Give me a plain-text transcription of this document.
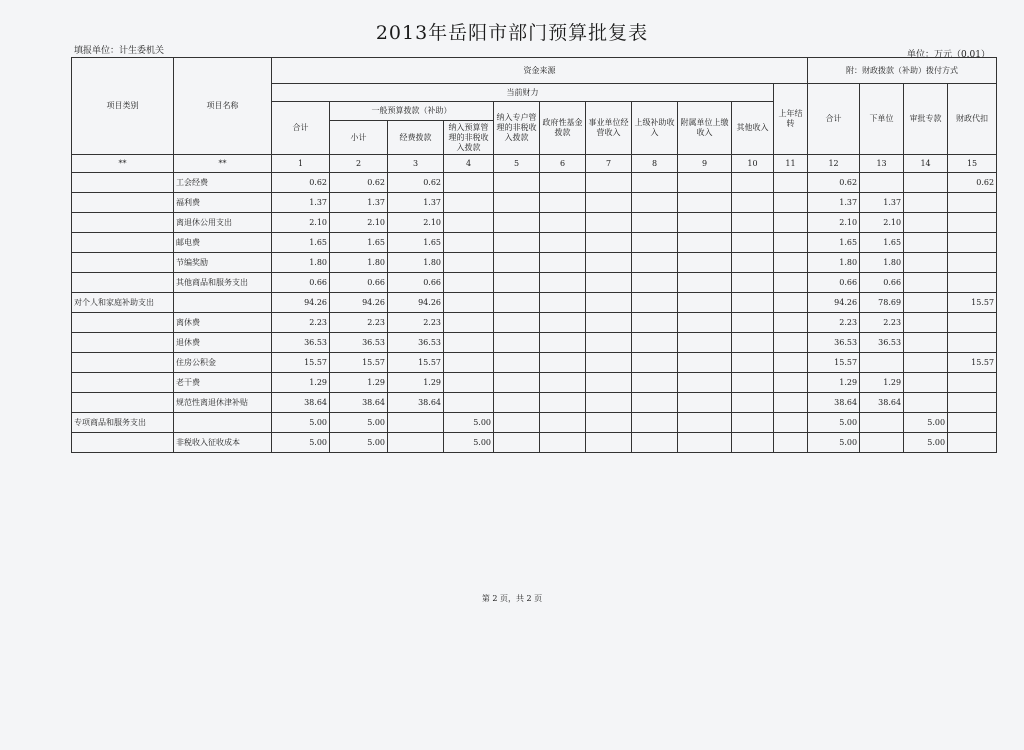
2013年岳阳市部门预算批复表
填报单位：计生委机关	单位：万元（0.01）
项目类别	项目名称	资金来源											附：财政拨款（补助）拨付方式			
		当前财力										上年结转	合计	下单位	审批专款	财政代扣
		合计	一般预算拨款（补助）			纳入专户管理的非税收入拨款	政府性基金拨款	事业单位经营收入	上级补助收入	附属单位上缴收入	其他收入					
			小计	经费拨款	纳入预算管理的非税收入拨款											
**	**	1	2	3	4	5	6	7	8	9	10	11	12	13	14	15
	工会经费	0.62	0.62	0.62									0.62			0.62
	福利费	1.37	1.37	1.37									1.37	1.37		
	离退休公用支出	2.10	2.10	2.10									2.10	2.10		
	邮电费	1.65	1.65	1.65									1.65	1.65		
	节编奖励	1.80	1.80	1.80									1.80	1.80		
	其他商品和服务支出	0.66	0.66	0.66									0.66	0.66		
对个人和家庭补助支出		94.26	94.26	94.26									94.26	78.69		15.57
	离休费	2.23	2.23	2.23									2.23	2.23		
	退休费	36.53	36.53	36.53									36.53	36.53		
	住房公积金	15.57	15.57	15.57									15.57			15.57
	老干费	1.29	1.29	1.29									1.29	1.29		
	规范性离退休津补贴	38.64	38.64	38.64									38.64	38.64		
专项商品和服务支出		5.00	5.00		5.00								5.00		5.00	
	非税收入征收成本	5.00	5.00		5.00								5.00		5.00	
第 2 页，共 2 页
